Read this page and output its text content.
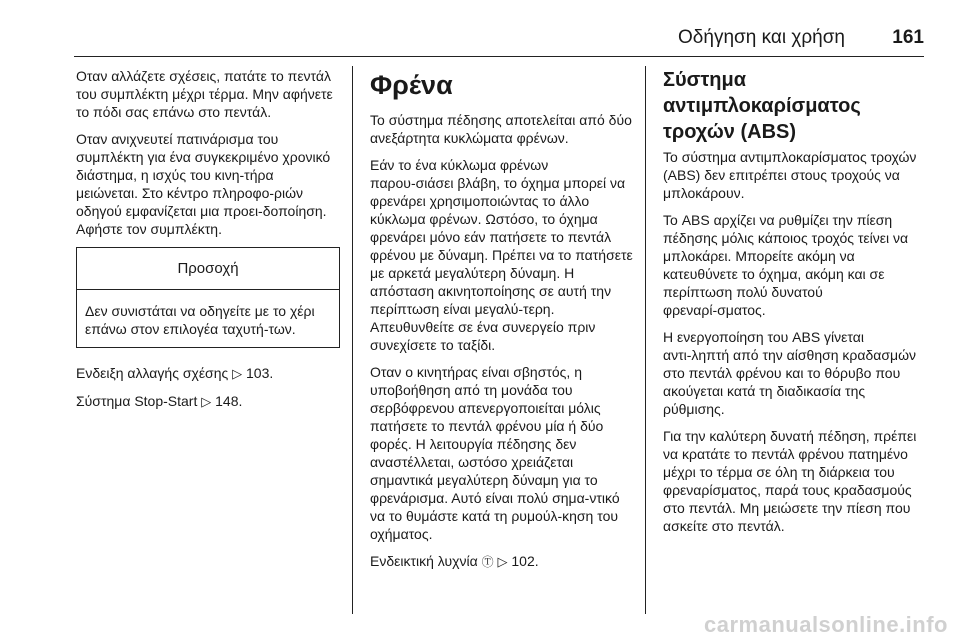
Οδήγηση και χρήση 161

Οταν αλλάζετε σχέσεις, πατάτε το πεντάλ του συμπλέκτη μέχρι τέρμα. Μην αφήνετε το πόδι σας επάνω στο πεντάλ.

Οταν ανιχνευτεί πατινάρισμα του συμπλέκτη για ένα συγκεκριμένο χρονικό διάστημα, η ισχύς του κινη‑τήρα μειώνεται. Στο κέντρο πληροφο‑ριών οδηγού εμφανίζεται μια προει‑δοποίηση. Αφήστε τον συμπλέκτη.

Προσοχή
Δεν συνιστάται να οδηγείτε με το χέρι επάνω στον επιλογέα ταχυτή‑των.

Ενδειξη αλλαγής σχέσης ▷ 103.

Σύστημα Stop-Start ▷ 148.

Φρένα

Το σύστημα πέδησης αποτελείται από δύο ανεξάρτητα κυκλώματα φρένων.

Εάν το ένα κύκλωμα φρένων παρου‑σιάσει βλάβη, το όχημα μπορεί να φρενάρει χρησιμοποιώντας το άλλο κύκλωμα φρένων. Ωστόσο, το όχημα φρενάρει μόνο εάν πατήσετε το πεντάλ φρένου με δύναμη. Πρέπει να το πατήσετε με αρκετά μεγαλύτερη δύναμη. Η απόσταση ακινητοποίησης σε αυτή την περίπτωση είναι μεγαλύ‑τερη. Απευθυνθείτε σε ένα συνεργείο πριν συνεχίσετε το ταξίδι.

Οταν ο κινητήρας είναι σβηστός, η υποβοήθηση από τη μονάδα του σερβόφρενου απενεργοποιείται μόλις πατήσετε το πεντάλ φρένου μία ή δύο φορές. Η λειτουργία πέδησης δεν αναστέλλεται, ωστόσο χρειάζεται σημαντικά μεγαλύτερη δύναμη για το φρενάρισμα. Αυτό είναι πολύ σημα‑ντικό να το θυμάστε κατά τη ρυμούλ‑κηση του οχήματος.

Ενδεικτική λυχνία Ⓣ ▷ 102.

Σύστημα αντιμπλοκαρίσματος τροχών (ABS)

Το σύστημα αντιμπλοκαρίσματος τροχών (ABS) δεν επιτρέπει στους τροχούς να μπλοκάρουν.

Το ABS αρχίζει να ρυθμίζει την πίεση πέδησης μόλις κάποιος τροχός τείνει να μπλοκάρει. Μπορείτε ακόμη να κατευθύνετε το όχημα, ακόμη και σε περίπτωση πολύ δυνατού φρεναρί‑σματος.

Η ενεργοποίηση του ABS γίνεται αντι‑ληπτή από την αίσθηση κραδασμών στο πεντάλ φρένου και το θόρυβο που ακούγεται κατά τη διαδικασία της ρύθμισης.

Για την καλύτερη δυνατή πέδηση, πρέπει να κρατάτε το πεντάλ φρένου πατημένο μέχρι το τέρμα σε όλη τη διάρκεια του φρεναρίσματος, παρά τους κραδασμούς στο πεντάλ. Μη μειώσετε την πίεση που ασκείτε στο πεντάλ.

carmanualsonline.info
